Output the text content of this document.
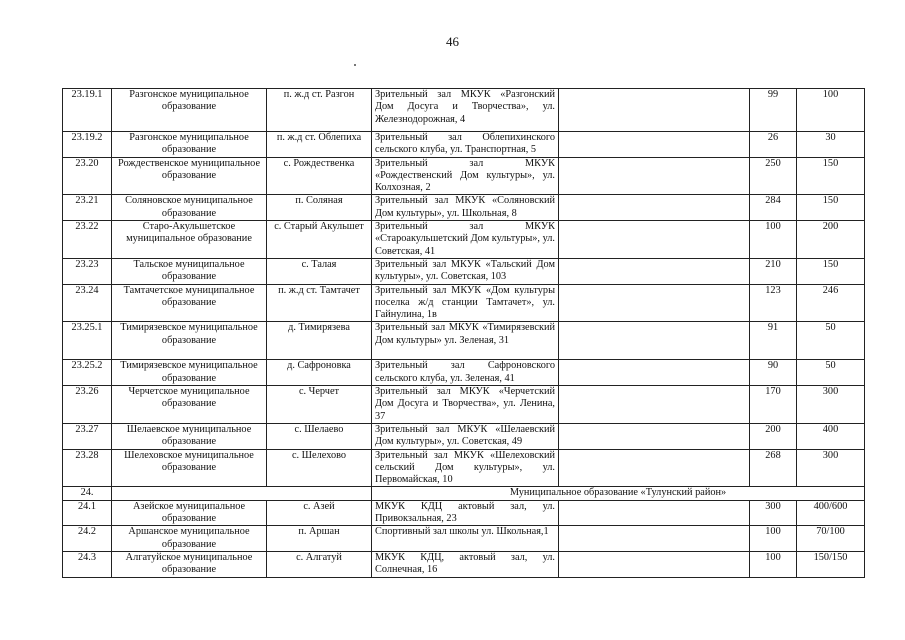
46
23.19.1	Разгонское муниципальное образование	п. ж.д ст. Разгон	Зрительный зал МКУК «Разгонский Дом Досуга и Творчества», ул. Железнодорожная, 4		99	100
23.19.2	Разгонское муниципальное образование	п. ж.д ст. Облепиха	Зрительный зал Облепихинского сельского клуба, ул. Транспортная, 5		26	30
23.20	Рождественское муниципальное образование	с. Рождественка	Зрительный зал МКУК «Рождественский Дом культуры», ул. Колхозная, 2		250	150
23.21	Соляновское муниципальное образование	п. Соляная	Зрительный зал МКУК «Соляновский Дом культуры», ул. Школьная, 8		284	150
23.22	Старо-Акульшетское муниципальное образование	с. Старый Акульшет	Зрительный зал МКУК «Староакульшетский Дом культуры», ул. Советская, 41		100	200
23.23	Тальское муниципальное образование	с. Талая	Зрительный зал МКУК «Тальский Дом культуры», ул. Советская, 103		210	150
23.24	Тамтачетское муниципальное образование	п. ж.д ст. Тамтачет	Зрительный зал МКУК «Дом культуры поселка ж/д станции Тамтачет», ул. Гайнулина, 1в		123	246
23.25.1	Тимирязевское муниципальное образование	д. Тимирязева	Зрительный зал МКУК «Тимирязевский Дом культуры» ул. Зеленая, 31		91	50
23.25.2	Тимирязевское муниципальное образование	д. Сафроновка	Зрительный зал Сафроновского сельского клуба, ул. Зеленая, 41		90	50
23.26	Черчетское муниципальное образование	с. Черчет	Зрительный зал МКУК «Черчетский Дом Досуга и Творчества», ул. Ленина, 37		170	300
23.27	Шелаевское муниципальное образование	с. Шелаево	Зрительный зал МКУК «Шелаевский Дом культуры», ул. Советская, 49		200	400
23.28	Шелеховское муниципальное образование	с. Шелехово	Зрительный зал МКУК «Шелеховский сельский Дом культуры», ул. Первомайская, 10		268	300
24.			Муниципальное образование «Тулунский район»			
24.1	Азейское муниципальное образование	с. Азей	МКУК КДЦ актовый зал, ул. Привокзальная, 23		300	400/600
24.2	Аршанское муниципальное образование	п. Аршан	Спортивный зал школы ул. Школьная,1		100	70/100
24.3	Алгатуйское муниципальное образование	с. Алгатуй	МКУК КДЦ, актовый зал, ул. Солнечная, 16		100	150/150
